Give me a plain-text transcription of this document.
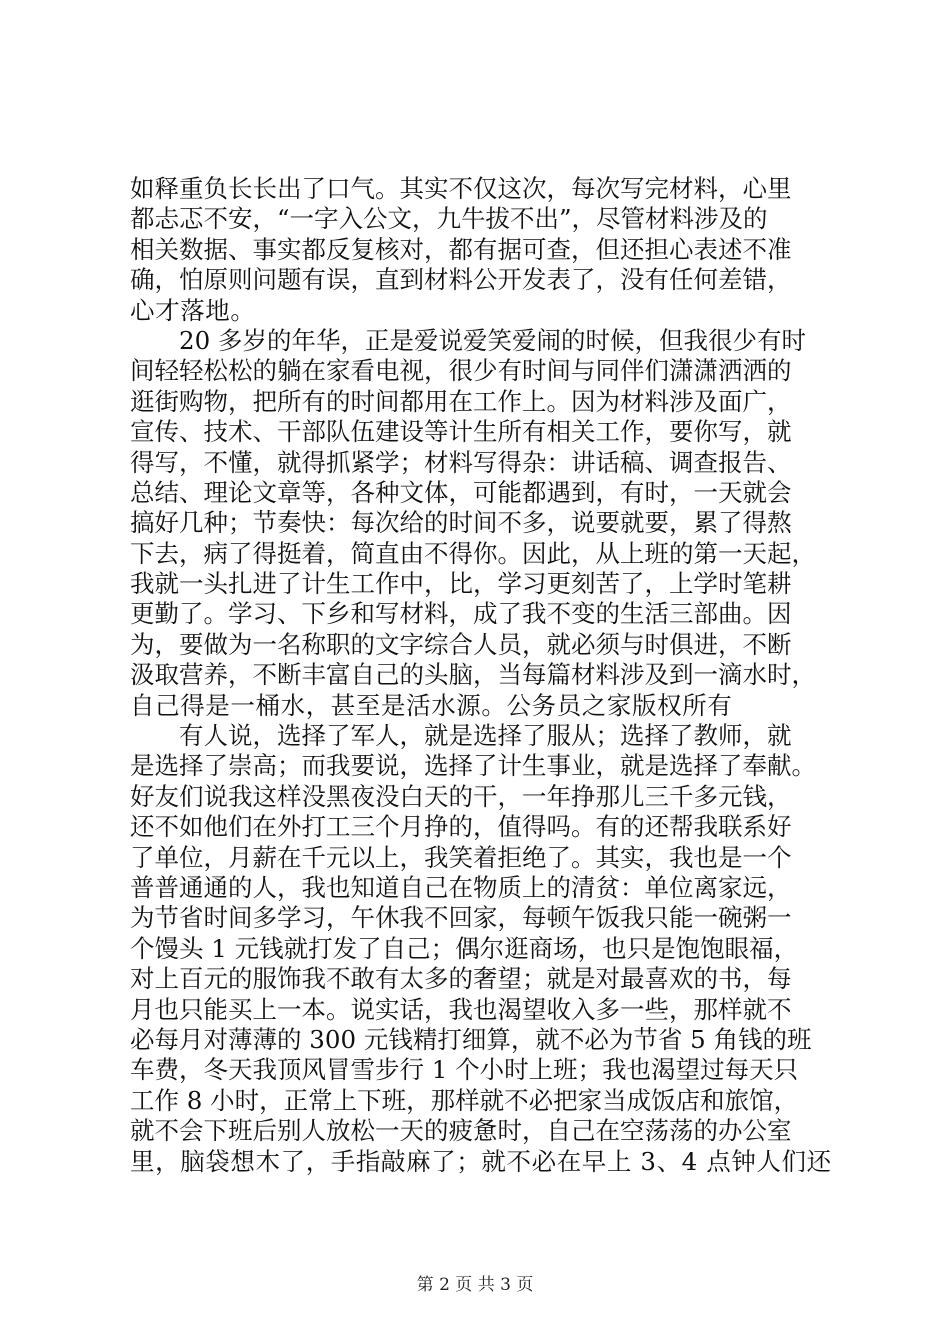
如释重负长长出了口气。其实不仅这次，每次写完材料，心里
都忐忑不安，“一字入公文，九牛拔不出”，尽管材料涉及的
相关数据、事实都反复核对，都有据可查，但还担心表述不准
确，怕原则问题有误，直到材料公开发表了，没有任何差错，
心才落地。
20 多岁的年华，正是爱说爱笑爱闹的时候，但我很少有时
间轻轻松松的躺在家看电视，很少有时间与同伴们潇潇洒洒的
逛街购物，把所有的时间都用在工作上。因为材料涉及面广，
宣传、技术、干部队伍建设等计生所有相关工作，要你写，就
得写，不懂，就得抓紧学；材料写得杂：讲话稿、调查报告、
总结、理论文章等，各种文体，可能都遇到，有时，一天就会
搞好几种；节奏快：每次给的时间不多，说要就要，累了得熬
下去，病了得挺着，简直由不得你。因此，从上班的第一天起，
我就一头扎进了计生工作中，比，学习更刻苦了，上学时笔耕
更勤了。学习、下乡和写材料，成了我不变的生活三部曲。因
为，要做为一名称职的文字综合人员，就必须与时俱进，不断
汲取营养，不断丰富自己的头脑，当每篇材料涉及到一滴水时，
自己得是一桶水，甚至是活水源。公务员之家版权所有
有人说，选择了军人，就是选择了服从；选择了教师，就
是选择了崇高；而我要说，选择了计生事业，就是选择了奉献。
好友们说我这样没黑夜没白天的干，一年挣那儿三千多元钱，
还不如他们在外打工三个月挣的，值得吗。有的还帮我联系好
了单位，月薪在千元以上，我笑着拒绝了。其实，我也是一个
普普通通的人，我也知道自己在物质上的清贫：单位离家远，
为节省时间多学习，午休我不回家，每顿午饭我只能一碗粥一
个馒头 1 元钱就打发了自己；偶尔逛商场，也只是饱饱眼福，
对上百元的服饰我不敢有太多的奢望；就是对最喜欢的书，每
月也只能买上一本。说实话，我也渴望收入多一些，那样就不
必每月对薄薄的 300 元钱精打细算，就不必为节省 5 角钱的班
车费，冬天我顶风冒雪步行 1 个小时上班；我也渴望过每天只
工作 8 小时，正常上下班，那样就不必把家当成饭店和旅馆，
就不会下班后别人放松一天的疲惫时，自己在空荡荡的办公室
里，脑袋想木了，手指敲麻了；就不必在早上 3、4 点钟人们还
第 2 页 共 3 页
